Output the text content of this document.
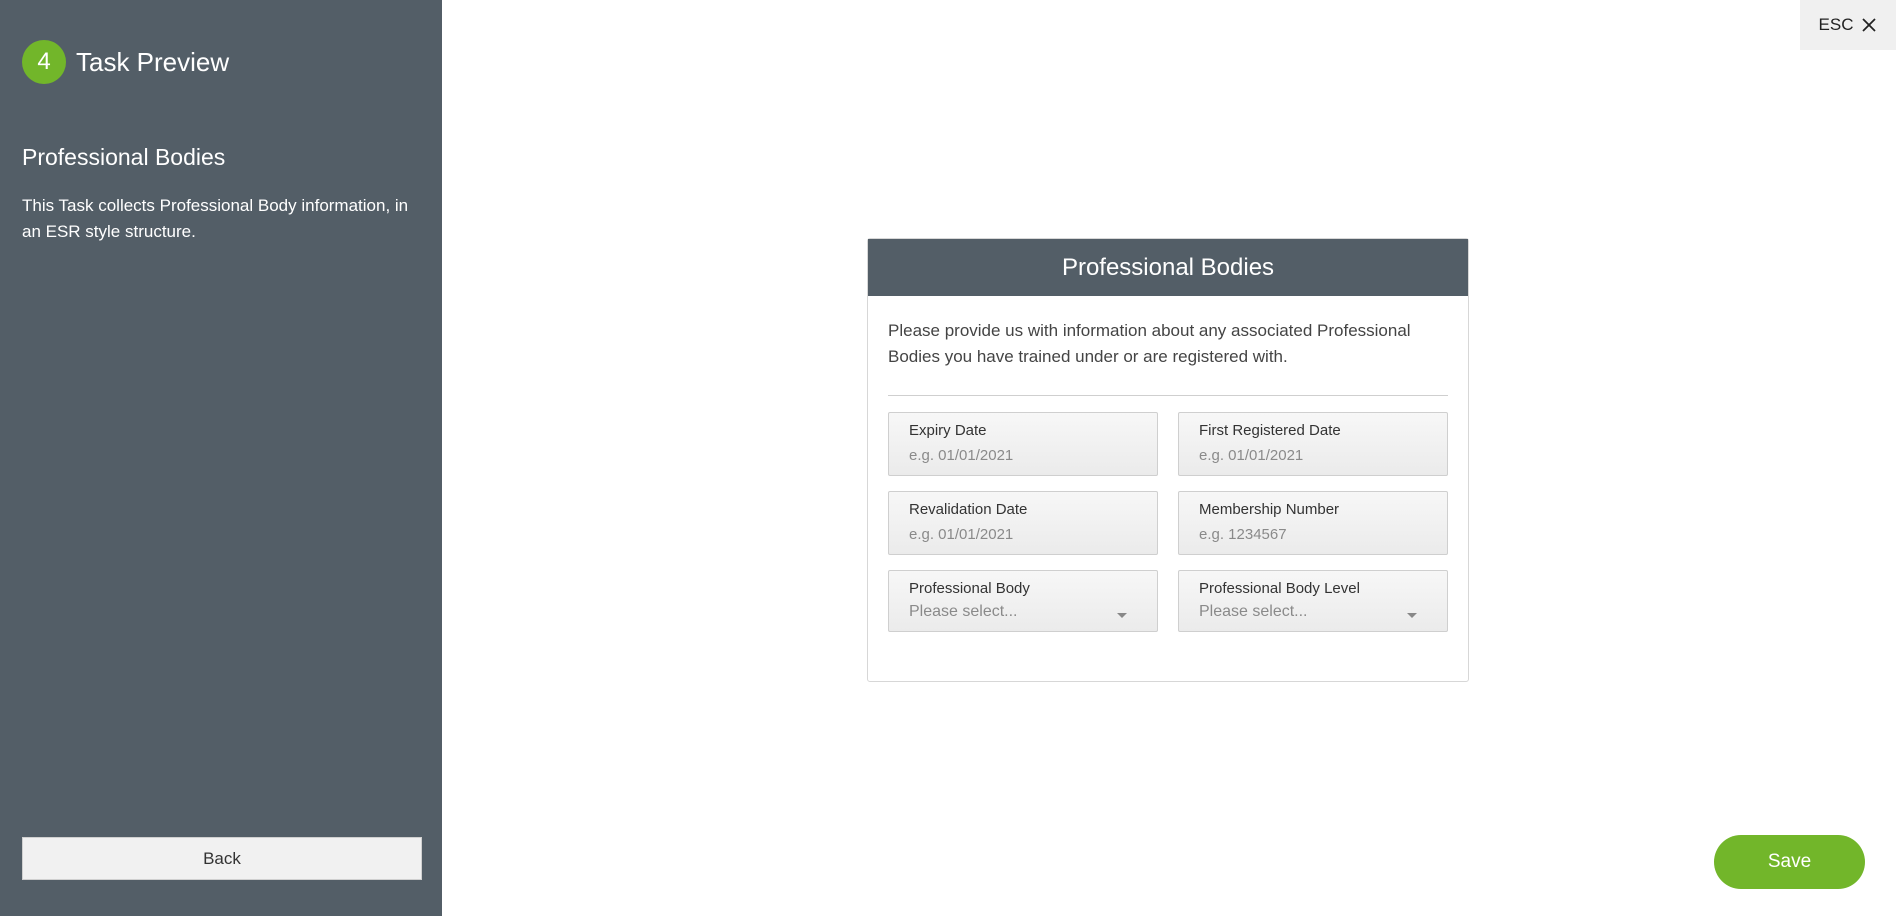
4 Task Preview
Professional Bodies
This Task collects Professional Body information, in an ESR style structure.
Back
ESC
Professional Bodies
Please provide us with information about any associated Professional Bodies you have trained under or are registered with.
Expiry Date
e.g. 01/01/2021	First Registered Date
e.g. 01/01/2021
Revalidation Date
e.g. 01/01/2021	Membership Number
e.g. 1234567
Professional Body
Please select...
Professional Body Level
Please select...
Save
